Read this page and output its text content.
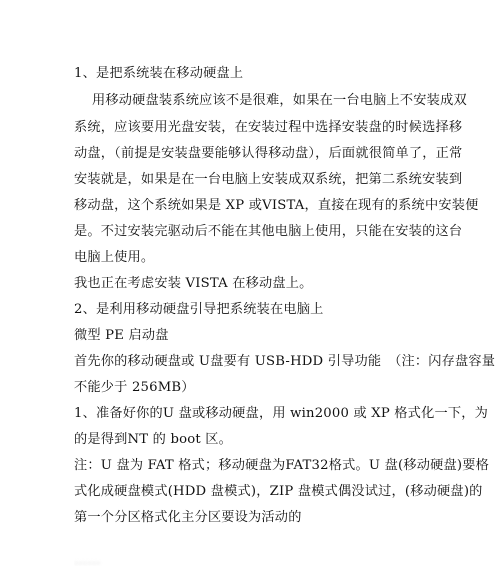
1、是把系统装在移动硬盘上

用移动硬盘装系统应该不是很难，如果在一台电脑上不安装成双

系统，应该要用光盘安装，在安装过程中选择安装盘的时候选择移

动盘，（前提是安装盘要能够认得移动盘），后面就很简单了，正常

安装就是，如果是在一台电脑上安装成双系统，把第二系统安装到

移动盘，这个系统如果是 XP 或VISTA，直接在现有的系统中安装便

是。不过安装完驱动后不能在其他电脑上使用，只能在安装的这台

电脑上使用。

我也正在考虑安装 VISTA 在移动盘上。

2、是利用移动硬盘引导把系统装在电脑上

微型 PE 启动盘

首先你的移动硬盘或 U盘要有 USB-HDD 引导功能　（注：闪存盘容量

不能少于 256MB）

1、准备好你的U 盘或移动硬盘，用 win2000 或 XP 格式化一下，为

的是得到NT 的 boot 区。

注：U 盘为 FAT 格式；移动硬盘为FAT32格式。U 盘(移动硬盘)要格

式化成硬盘模式(HDD 盘模式)，ZIP 盘模式偶没试过，(移动硬盘)的

第一个分区格式化主分区要设为活动的

……
